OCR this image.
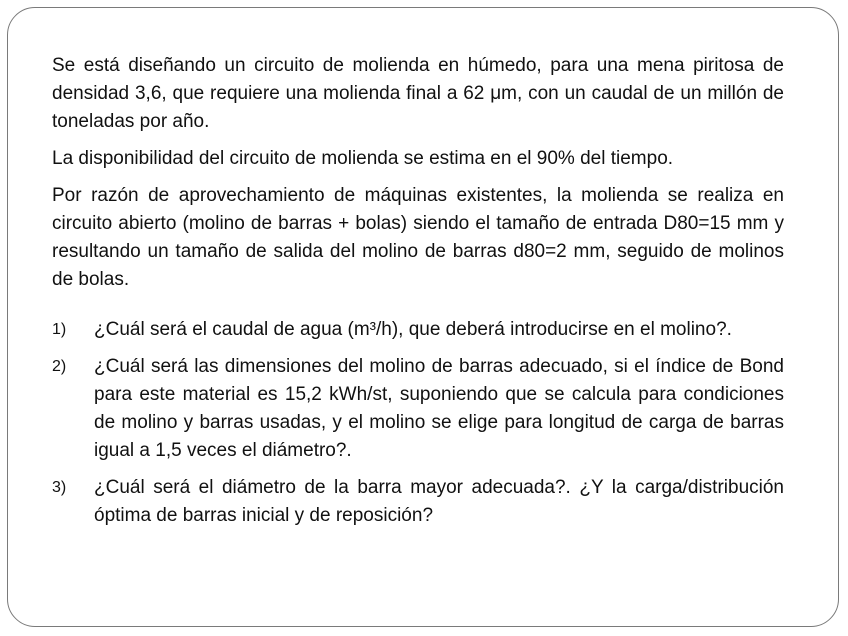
Se está diseñando un circuito de molienda en húmedo, para una mena piritosa de densidad 3,6, que requiere una molienda final a 62 μm, con un caudal de un millón de toneladas por año.

La disponibilidad del circuito de molienda se estima en el 90% del tiempo.

Por razón de aprovechamiento de máquinas existentes, la molienda se realiza en circuito abierto (molino de barras + bolas) siendo el tamaño de entrada D80=15 mm y resultando un tamaño de salida del molino de barras d80=2 mm, seguido de molinos de bolas.

1)	¿Cuál será el caudal de agua (m³/h), que deberá introducirse en el molino?.
2)	¿Cuál será las dimensiones del molino de barras adecuado, si el índice de Bond para este material es 15,2 kWh/st, suponiendo que se calcula para condiciones de molino y barras usadas, y el molino se elige para longitud de carga de barras igual a 1,5 veces el diámetro?.
3)	¿Cuál será el diámetro de la barra mayor adecuada?. ¿Y la carga/distribución óptima de barras inicial y de reposición?
